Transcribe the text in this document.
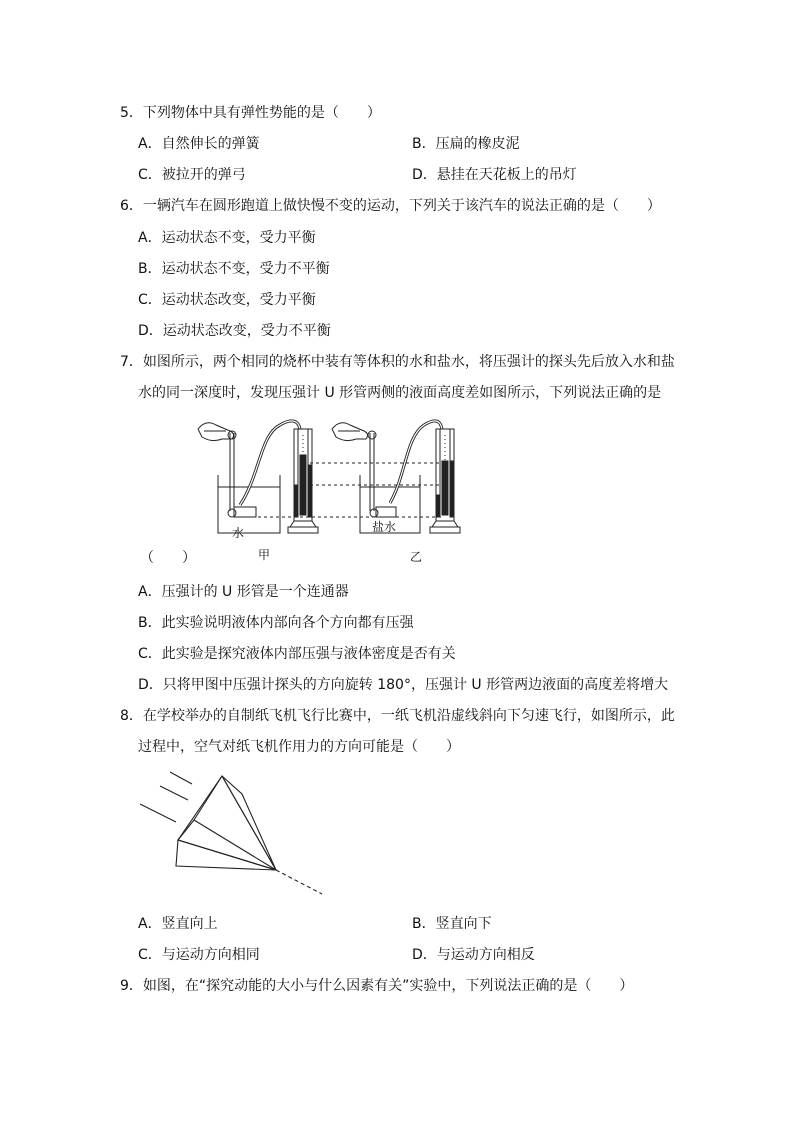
5．下列物体中具有弹性势能的是（　　）
A．自然伸长的弹簧	B．压扁的橡皮泥
C．被拉开的弹弓	D．悬挂在天花板上的吊灯
6．一辆汽车在圆形跑道上做快慢不变的运动，下列关于该汽车的说法正确的是（　　）
A．运动状态不变，受力平衡
B．运动状态不变，受力不平衡
C．运动状态改变，受力平衡
D．运动状态改变，受力不平衡
7．如图所示，两个相同的烧杯中装有等体积的水和盐水，将压强计的探头先后放入水和盐
水的同一深度时，发现压强计 U 形管两侧的液面高度差如图所示，下列说法正确的是
水
甲
盐水
乙
（　　）
A．压强计的 U 形管是一个连通器
B．此实验说明液体内部向各个方向都有压强
C．此实验是探究液体内部压强与液体密度是否有关
D．只将甲图中压强计探头的方向旋转 180°，压强计 U 形管两边液面的高度差将增大
8．在学校举办的自制纸飞机飞行比赛中，一纸飞机沿虚线斜向下匀速飞行，如图所示，此
过程中，空气对纸飞机作用力的方向可能是（　　）
A．竖直向上	B．竖直向下
C．与运动方向相同	D．与运动方向相反
9．如图，在“探究动能的大小与什么因素有关”实验中，下列说法正确的是（　　）
